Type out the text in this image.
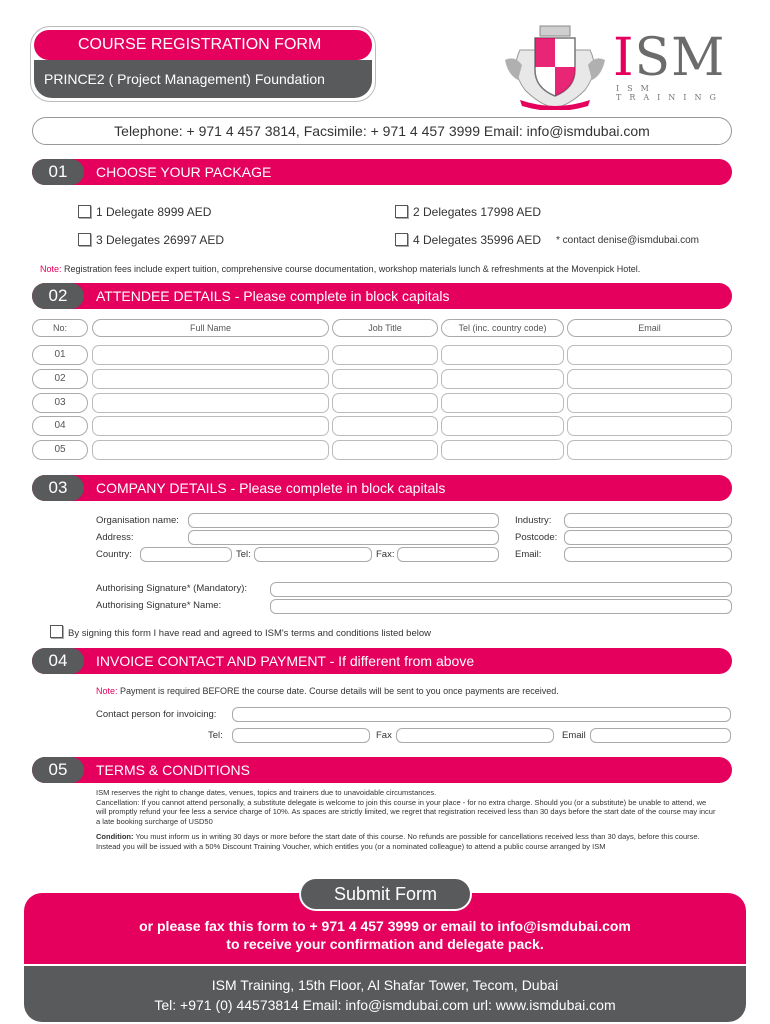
PRINCE2 ( Project Management) Foundation
COURSE REGISTRATION FORM	ISM
ISM TRAINING
Telephone: + 971 4 457 3814, Facsimile: + 971 4 457 3999 Email: info@ismdubai.com
01	CHOOSE YOUR PACKAGE
1 Delegate 8999 AED	2 Delegates 17998 AED
3 Delegates 26997 AED	4 Delegates 35996 AED * contact denise@ismdubai.com
Note: Registration fees include expert tuition, comprehensive course documentation, workshop materials lunch & refreshments at the Movenpick Hotel.
02	ATTENDEE DETAILS - Please complete in block capitals
No:	Full Name	Job Title	Tel (inc. country code)	Email
01
02
03
04
05
03	COMPANY DETAILS - Please complete in block capitals
Organisation name:	Industry:
Address:	Postcode:
Country:	Tel:	Fax:	Email:
Authorising Signature* (Mandatory):
Authorising Signature* Name:
By signing this form I have read and agreed to ISM's terms and conditions listed below
04	INVOICE CONTACT AND PAYMENT - If different from above
Note: Payment is required BEFORE the course date. Course details will be sent to you once payments are received.
Contact person for invoicing:
Tel:	Fax	Email
05	TERMS & CONDITIONS

ISM reserves the right to change dates, venues, topics and trainers due to unavoidable circumstances.
Cancellation: If you cannot attend personally, a substitute delegate is welcome to join this course in your place - for no extra charge. Should you (or a substitute) be unable to attend, we will promptly refund your fee less a service charge of 10%. As spaces are strictly limited, we regret that registration received less than 30 days before the start date of the course may incur a late booking surcharge of USD50

Condition: You must inform us in writing 30 days or more before the start date of this course. No refunds are possible for cancellations received less than 30 days, before this course. Instead you will be issued with a 50% Discount Training Voucher, which entitles you (or a nominated colleague) to attend a public course arranged by ISM

or please fax this form to + 971 4 457 3999 or email to info@ismdubai.com
to receive your confirmation and delegate pack.
ISM Training, 15th Floor, Al Shafar Tower, Tecom, Dubai
Tel: +971 (0) 44573814 Email: info@ismdubai.com url: www.ismdubai.com
Submit Form
